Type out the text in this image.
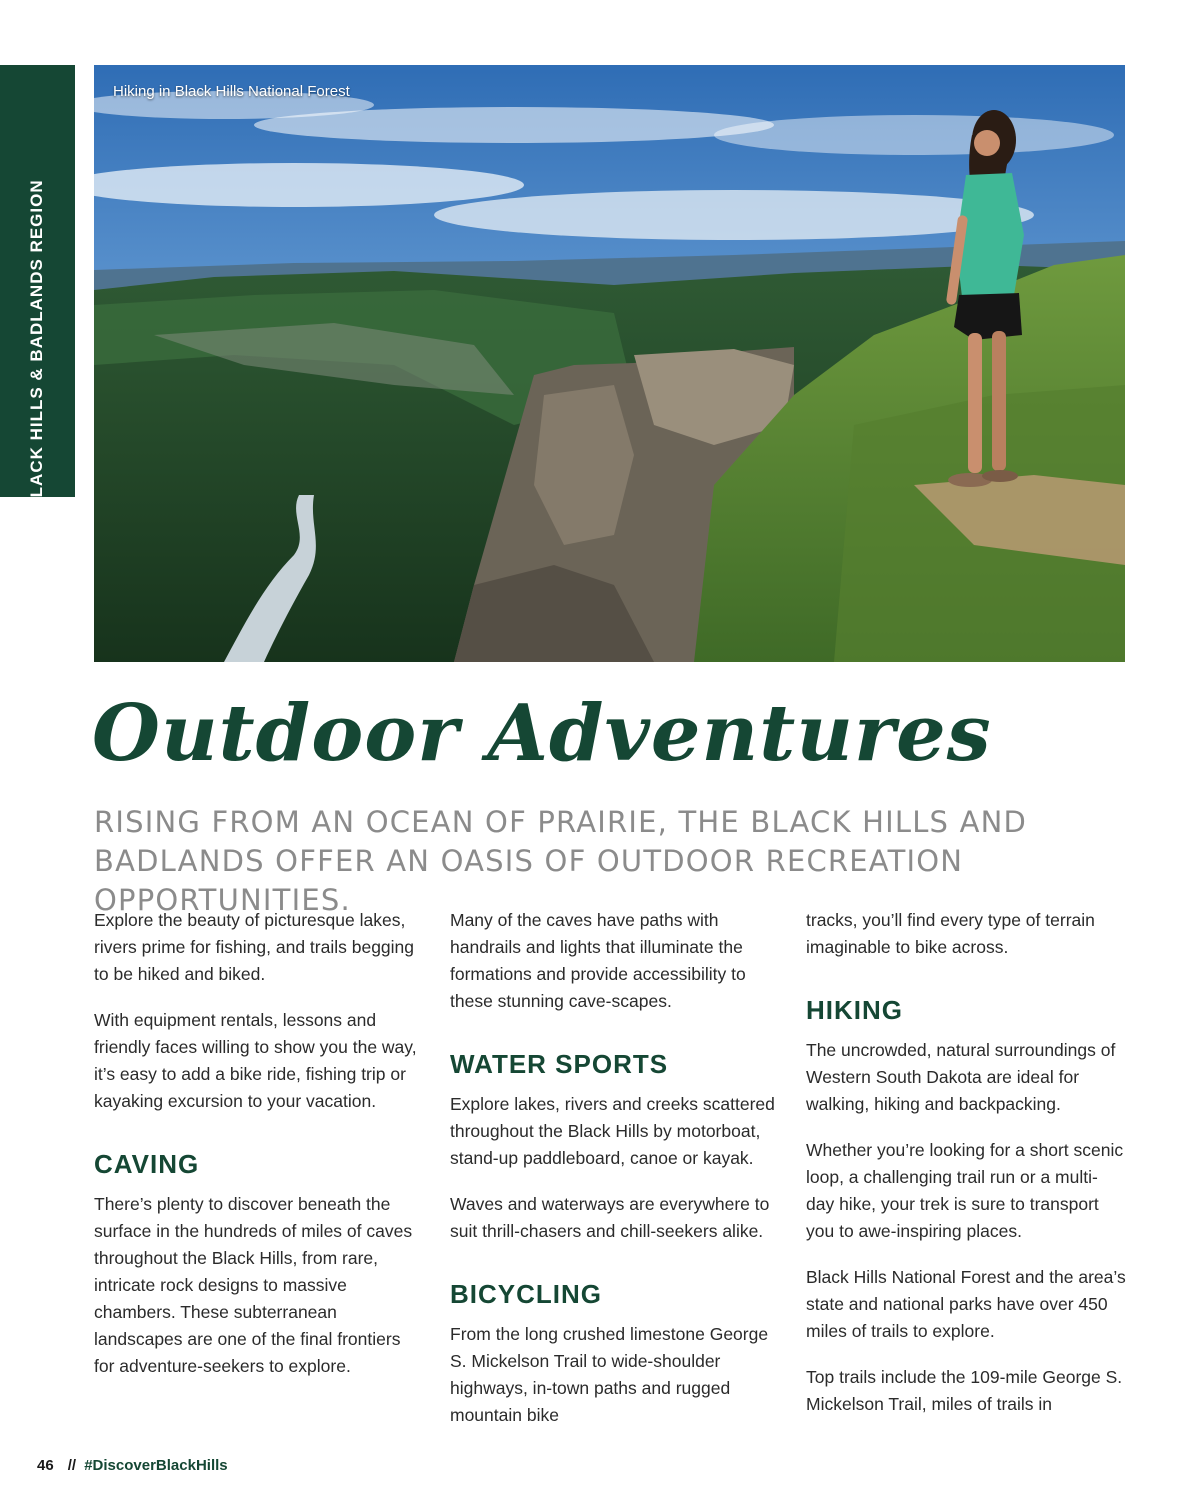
BLACK HILLS & BADLANDS REGION
Hiking in Black Hills National Forest
Outdoor Adventures
RISING FROM AN OCEAN OF PRAIRIE, THE BLACK HILLS AND BADLANDS OFFER AN OASIS OF OUTDOOR RECREATION OPPORTUNITIES.

Explore the beauty of picturesque lakes, rivers prime for fishing, and trails begging to be hiked and biked.

With equipment rentals, lessons and friendly faces willing to show you the way, it’s easy to add a bike ride, fishing trip or kayaking excursion to your vacation.

CAVING

There’s plenty to discover beneath the surface in the hundreds of miles of caves throughout the Black Hills, from rare, intricate rock designs to massive chambers. These subterranean landscapes are one of the final frontiers for adventure-seekers to explore.

Many of the caves have paths with handrails and lights that illuminate the formations and provide accessibility to these stunning cave-scapes.

WATER SPORTS

Explore lakes, rivers and creeks scattered throughout the Black Hills by motorboat, stand-up paddleboard, canoe or kayak.

Waves and waterways are everywhere to suit thrill-chasers and chill-seekers alike.

BICYCLING

From the long crushed limestone George S. Mickelson Trail to wide-shoulder highways, in-town paths and rugged mountain bike

tracks, you’ll find every type of terrain imaginable to bike across.

HIKING

The uncrowded, natural surroundings of Western South Dakota are ideal for walking, hiking and backpacking.

Whether you’re looking for a short scenic loop, a challenging trail run or a multi-day hike, your trek is sure to transport you to awe-inspiring places.

Black Hills National Forest and the area’s state and national parks have over 450 miles of trails to explore.

Top trails include the 109-mile George S. Mickelson Trail, miles of trails in

46 // #DiscoverBlackHills
